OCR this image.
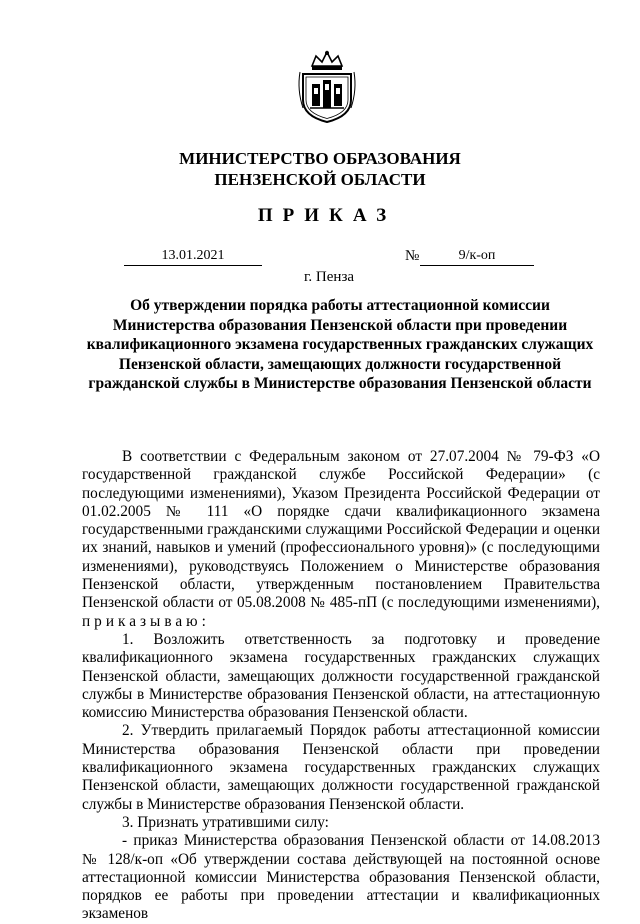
МИНИСТЕРСТВО ОБРАЗОВАНИЯ
ПЕНЗЕНСКОЙ ОБЛАСТИ
ПРИКАЗ
13.01.2021	№	9/к-оп
г. Пенза
Об утверждении порядка работы аттестационной комиссии Министерства образования Пензенской области при проведении квалификационного экзамена государственных гражданских служащих Пензенской области, замещающих должности государственной гражданской службы в Министерстве образования Пензенской области

В соответствии с Федеральным законом от 27.07.2004 № 79-ФЗ «О государственной гражданской службе Российской Федерации» (с последующими изменениями), Указом Президента Российской Федерации от 01.02.2005 № 111 «О порядке сдачи квалификационного экзамена государственными гражданскими служащими Российской Федерации и оценки их знаний, навыков и умений (профессионального уровня)» (с последующими изменениями), руководствуясь Положением о Министерстве образования Пензенской области, утвержденным постановлением Правительства Пензенской области от 05.08.2008 № 485-пП (с последующими изменениями), приказываю:

1. Возложить ответственность за подготовку и проведение квалификационного экзамена государственных гражданских служащих Пензенской области, замещающих должности государственной гражданской службы в Министерстве образования Пензенской области, на аттестационную комиссию Министерства образования Пензенской области.

2. Утвердить прилагаемый Порядок работы аттестационной комиссии Министерства образования Пензенской области при проведении квалификационного экзамена государственных гражданских служащих Пензенской области, замещающих должности государственной гражданской службы в Министерстве образования Пензенской области.

3. Признать утратившими силу:

- приказ Министерства образования Пензенской области от 14.08.2013 № 128/к-оп «Об утверждении состава действующей на постоянной основе аттестационной комиссии Министерства образования Пензенской области, порядков ее работы при проведении аттестации и квалификационных экзаменов
